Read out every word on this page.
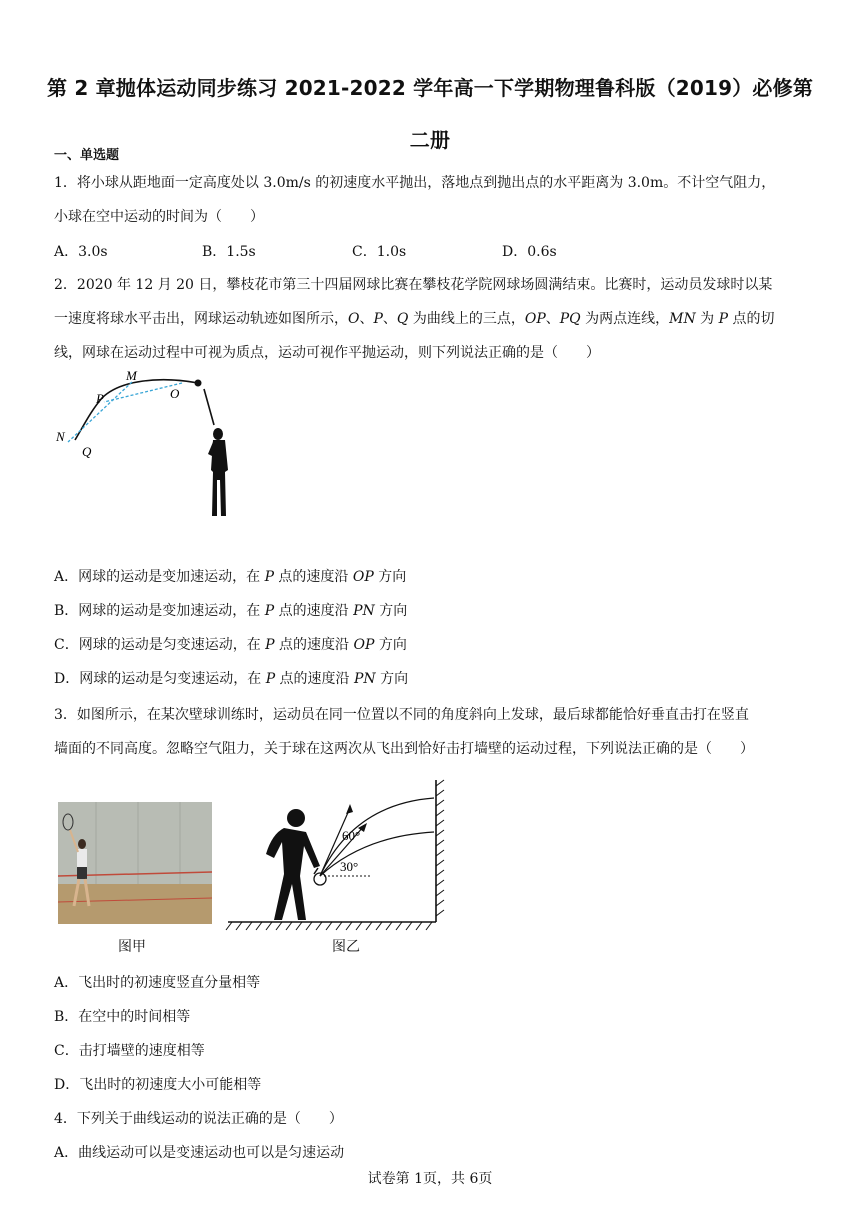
第 2 章抛体运动同步练习 2021-2022 学年高一下学期物理鲁科版（2019）必修第
二册
一、单选题
1．将小球从距地面一定高度处以 3.0m/s 的初速度水平抛出，落地点到抛出点的水平距离为 3.0m。不计空气阻力，
小球在空中运动的时间为（　　）
A．3.0s	B．1.5s	C．1.0s	D．0.6s
2．2020 年 12 月 20 日，攀枝花市第三十四届网球比赛在攀枝花学院网球场圆满结束。比赛时，运动员发球时以某
一速度将球水平击出，网球运动轨迹如图所示，O、P、Q 为曲线上的三点，OP、PQ 为两点连线，MN 为 P 点的切
线，网球在运动过程中可视为质点，运动可视作平抛运动，则下列说法正确的是（　　）
M
P	O
N
Q
A．网球的运动是变加速运动，在 P 点的速度沿 OP 方向
B．网球的运动是变加速运动，在 P 点的速度沿 PN 方向
C．网球的运动是匀变速运动，在 P 点的速度沿 OP 方向
D．网球的运动是匀变速运动，在 P 点的速度沿 PN 方向
3．如图所示，在某次壁球训练时，运动员在同一位置以不同的角度斜向上发球，最后球都能恰好垂直击打在竖直
墙面的不同高度。忽略空气阻力，关于球在这两次从飞出到恰好击打墙壁的运动过程，下列说法正确的是（　　）
图甲
60°
30°
图乙
A．飞出时的初速度竖直分量相等
B．在空中的时间相等
C．击打墙壁的速度相等
D．飞出时的初速度大小可能相等
4．下列关于曲线运动的说法正确的是（　　）
A．曲线运动可以是变速运动也可以是匀速运动
试卷第 1页，共 6页
